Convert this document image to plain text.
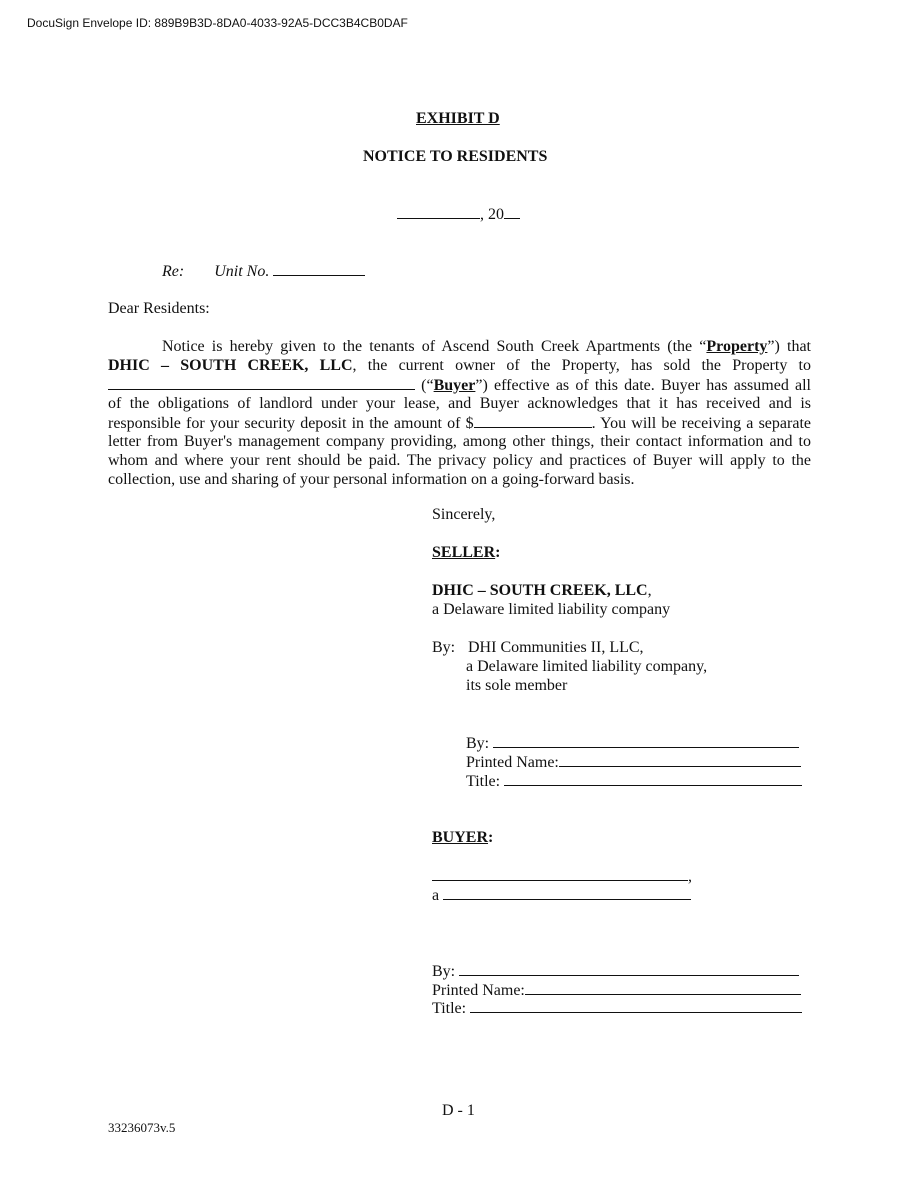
DocuSign Envelope ID: 889B9B3D-8DA0-4033-92A5-DCC3B4CB0DAF
EXHIBIT D
NOTICE TO RESIDENTS
, 20
Re: Unit No.
Dear Residents:
Notice is hereby given to the tenants of Ascend South Creek Apartments (the “Property”) that
DHIC – SOUTH CREEK, LLC, the current owner of the Property, has sold the Property to
(“Buyer”) effective as of this date. Buyer has assumed all
of the obligations of landlord under your lease, and Buyer acknowledges that it has received and is
responsible for your security deposit in the amount of $	. You will be receiving a separate
letter from Buyer's management company providing, among other things, their contact information and to
whom and where your rent should be paid. The privacy policy and practices of Buyer will apply to the
collection, use and sharing of your personal information on a going-forward basis.
Sincerely,
SELLER:
DHIC – SOUTH CREEK, LLC,
a Delaware limited liability company
By: DHI Communities II, LLC,
a Delaware limited liability company,
its sole member
By:
Printed Name:
Title:
BUYER:
,
a
By:
Printed Name:
Title:
D - 1
33236073v.5
